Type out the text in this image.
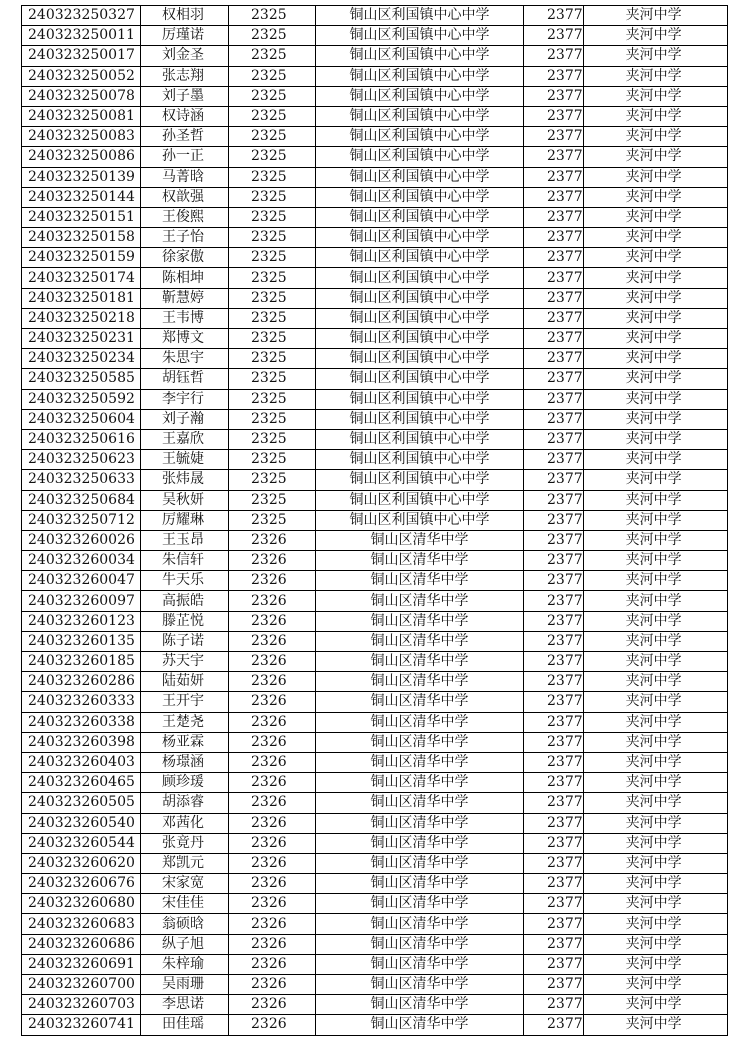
240323250327	权相羽	2325	铜山区利国镇中心中学	2377	夹河中学
240323250011	厉瑾诺	2325	铜山区利国镇中心中学	2377	夹河中学
240323250017	刘金圣	2325	铜山区利国镇中心中学	2377	夹河中学
240323250052	张志翔	2325	铜山区利国镇中心中学	2377	夹河中学
240323250078	刘子墨	2325	铜山区利国镇中心中学	2377	夹河中学
240323250081	权诗涵	2325	铜山区利国镇中心中学	2377	夹河中学
240323250083	孙圣哲	2325	铜山区利国镇中心中学	2377	夹河中学
240323250086	孙一正	2325	铜山区利国镇中心中学	2377	夹河中学
240323250139	马菁晗	2325	铜山区利国镇中心中学	2377	夹河中学
240323250144	权歆强	2325	铜山区利国镇中心中学	2377	夹河中学
240323250151	王俊熙	2325	铜山区利国镇中心中学	2377	夹河中学
240323250158	王子怡	2325	铜山区利国镇中心中学	2377	夹河中学
240323250159	徐家傲	2325	铜山区利国镇中心中学	2377	夹河中学
240323250174	陈相坤	2325	铜山区利国镇中心中学	2377	夹河中学
240323250181	靳慧婷	2325	铜山区利国镇中心中学	2377	夹河中学
240323250218	王韦博	2325	铜山区利国镇中心中学	2377	夹河中学
240323250231	郑博文	2325	铜山区利国镇中心中学	2377	夹河中学
240323250234	朱思宇	2325	铜山区利国镇中心中学	2377	夹河中学
240323250585	胡钰哲	2325	铜山区利国镇中心中学	2377	夹河中学
240323250592	李宇行	2325	铜山区利国镇中心中学	2377	夹河中学
240323250604	刘子瀚	2325	铜山区利国镇中心中学	2377	夹河中学
240323250616	王嘉欣	2325	铜山区利国镇中心中学	2377	夹河中学
240323250623	王毓婕	2325	铜山区利国镇中心中学	2377	夹河中学
240323250633	张炜晟	2325	铜山区利国镇中心中学	2377	夹河中学
240323250684	吴秋妍	2325	铜山区利国镇中心中学	2377	夹河中学
240323250712	厉耀琳	2325	铜山区利国镇中心中学	2377	夹河中学
240323260026	王玉昂	2326	铜山区清华中学	2377	夹河中学
240323260034	朱信轩	2326	铜山区清华中学	2377	夹河中学
240323260047	牛天乐	2326	铜山区清华中学	2377	夹河中学
240323260097	高振皓	2326	铜山区清华中学	2377	夹河中学
240323260123	滕芷悦	2326	铜山区清华中学	2377	夹河中学
240323260135	陈子诺	2326	铜山区清华中学	2377	夹河中学
240323260185	苏天宇	2326	铜山区清华中学	2377	夹河中学
240323260286	陆茹妍	2326	铜山区清华中学	2377	夹河中学
240323260333	王开宇	2326	铜山区清华中学	2377	夹河中学
240323260338	王楚尧	2326	铜山区清华中学	2377	夹河中学
240323260398	杨亚霖	2326	铜山区清华中学	2377	夹河中学
240323260403	杨璟涵	2326	铜山区清华中学	2377	夹河中学
240323260465	顾珍瑗	2326	铜山区清华中学	2377	夹河中学
240323260505	胡添睿	2326	铜山区清华中学	2377	夹河中学
240323260540	邓茜化	2326	铜山区清华中学	2377	夹河中学
240323260544	张竟丹	2326	铜山区清华中学	2377	夹河中学
240323260620	郑凯元	2326	铜山区清华中学	2377	夹河中学
240323260676	宋家宽	2326	铜山区清华中学	2377	夹河中学
240323260680	宋佳佳	2326	铜山区清华中学	2377	夹河中学
240323260683	翁硕晗	2326	铜山区清华中学	2377	夹河中学
240323260686	纵子旭	2326	铜山区清华中学	2377	夹河中学
240323260691	朱梓瑜	2326	铜山区清华中学	2377	夹河中学
240323260700	吴雨珊	2326	铜山区清华中学	2377	夹河中学
240323260703	李思诺	2326	铜山区清华中学	2377	夹河中学
240323260741	田佳瑶	2326	铜山区清华中学	2377	夹河中学
